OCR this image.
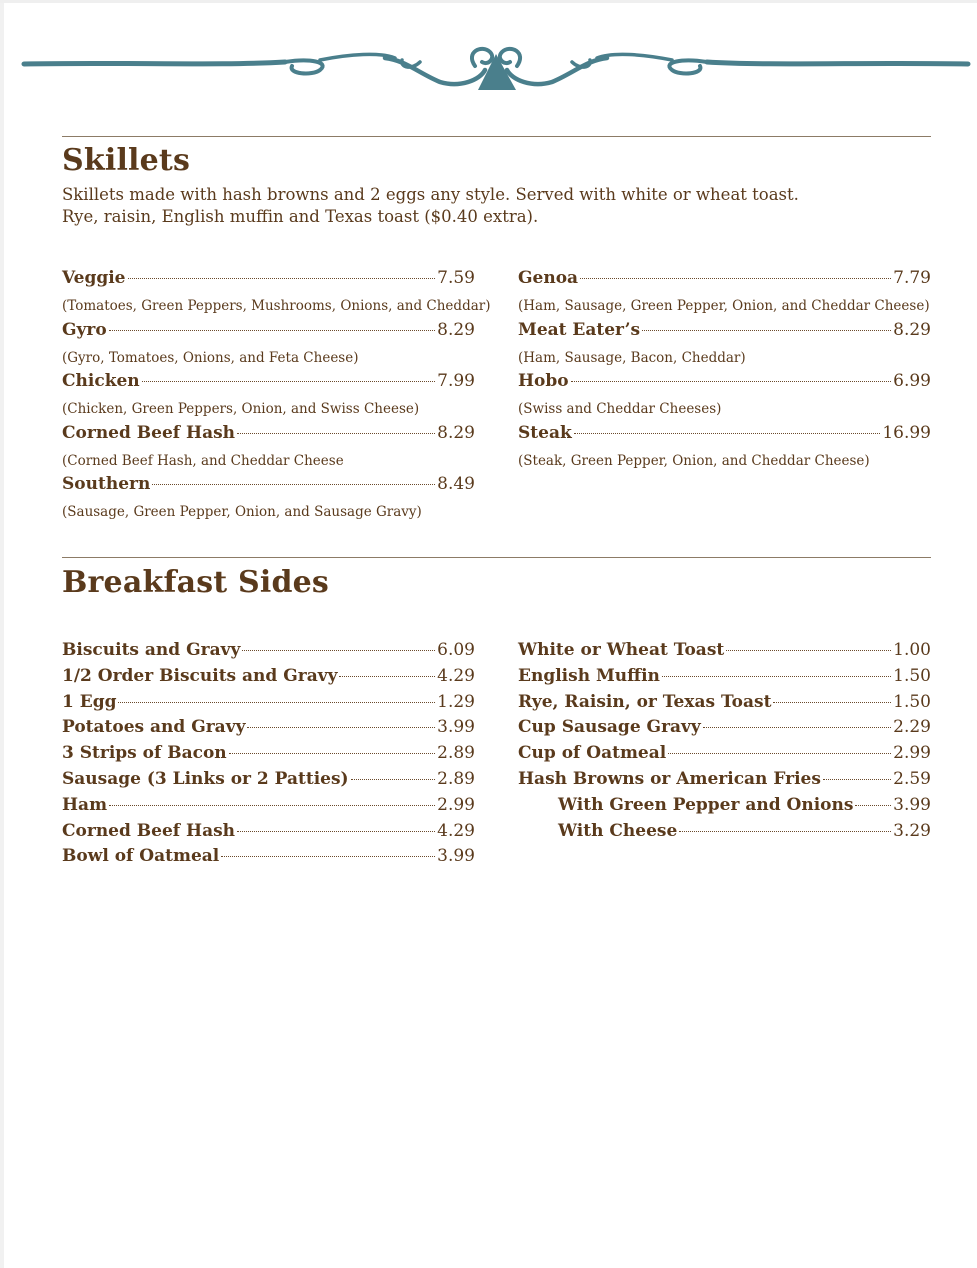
Skillets

Skillets made with hash browns and 2 eggs any style. Served with white or wheat toast.
Rye, raisin, English muffin and Texas toast ($0.40 extra).

Veggie	7.59
(Tomatoes, Green Peppers, Mushrooms, Onions, and Cheddar)
Gyro	8.29
(Gyro, Tomatoes, Onions, and Feta Cheese)
Chicken	7.99
(Chicken, Green Peppers, Onion, and Swiss Cheese)
Corned Beef Hash	8.29
(Corned Beef Hash, and Cheddar Cheese
Southern	8.49
(Sausage, Green Pepper, Onion, and Sausage Gravy)
Genoa	7.79
(Ham, Sausage, Green Pepper, Onion, and Cheddar Cheese)
Meat Eater’s	8.29
(Ham, Sausage, Bacon, Cheddar)
Hobo	6.99
(Swiss and Cheddar Cheeses)
Steak	16.99
(Steak, Green Pepper, Onion, and Cheddar Cheese)
Breakfast Sides
Biscuits and Gravy	6.09
1/2 Order Biscuits and Gravy	4.29
1 Egg	1.29
Potatoes and Gravy	3.99
3 Strips of Bacon	2.89
Sausage (3 Links or 2 Patties)	2.89
Ham	2.99
Corned Beef Hash	4.29
Bowl of Oatmeal	3.99
White or Wheat Toast	1.00
English Muffin	1.50
Rye, Raisin, or Texas Toast	1.50
Cup Sausage Gravy	2.29
Cup of Oatmeal	2.99
Hash Browns or American Fries	2.59
With Green Pepper and Onions 3.99
With Cheese	3.29
